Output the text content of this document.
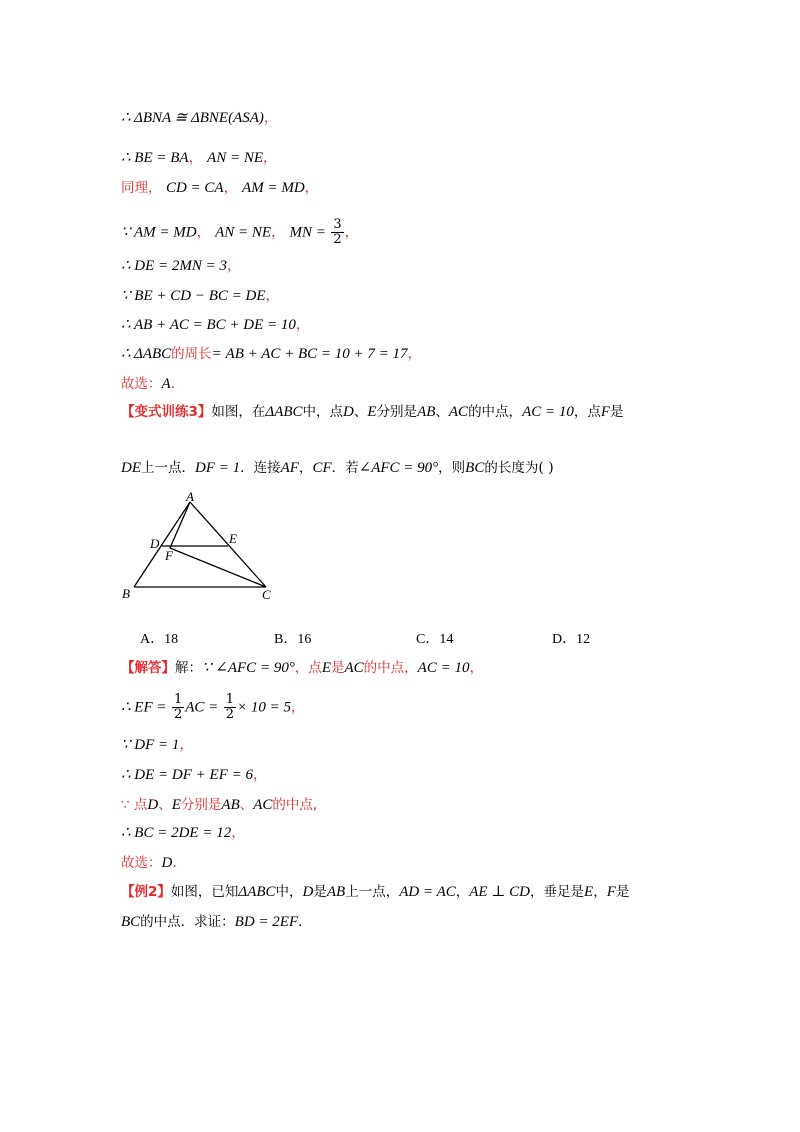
∴ ΔBNA ≅ ΔBNE(ASA)，
∴ BE = BA， AN = NE，
同理， CD = CA， AM = MD，
∵ AM = MD， AN = NE， MN = $\frac{3}{2}$ ，
∴ DE = 2MN = 3，
∵ BE + CD − BC = DE，
∴ AB + AC = BC + DE = 10，
∴ ΔABC的周长= AB + AC + BC = 10 + 7 = 17，
故选：A．
【变式训练3】如图，在ΔABC中，点D、E分别是AB、AC的中点，AC = 10，点F是
DE上一点．DF = 1．连接AF，CF．若∠AFC = 90°，则BC的长度为( )
A
D	E
F
B	C
A．18	B．16	C．14	D．12
【解答】解：∵ ∠AFC = 90°，点E是AC的中点，AC = 10，
∴ EF = $\frac{1}{2}$ AC = $\frac{1}{2} \times 10 = 5$，
∵ DF = 1，
∴ DE = DF + EF = 6，
∵ 点D、E分别是AB、AC的中点,
∴ BC = 2DE = 12，
故选：D．
【例2】如图，已知ΔABC中，D是AB上一点，AD = AC，AE ⊥ CD，垂足是E，F是
BC的中点．求证：BD = 2EF．
